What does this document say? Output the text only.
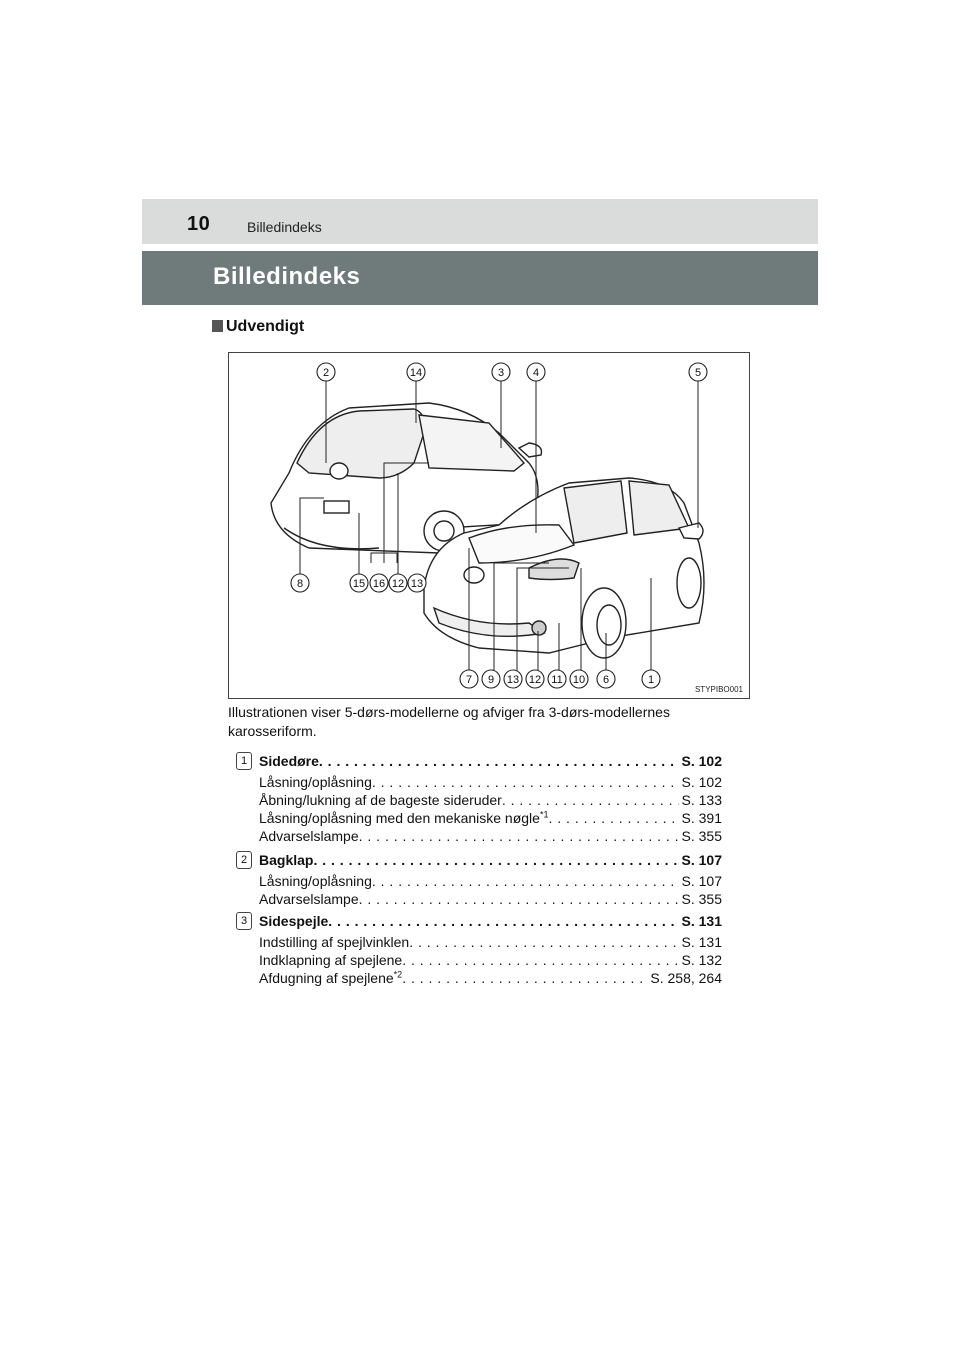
10	Billedindeks
Billedindeks
Udvendigt
2	14	3	4	5
8	15 16 12 13
7 9 13 12 11 10 6	1
STYPIBO001
Illustrationen viser 5-dørs-modellerne og afviger fra 3-dørs-modellernes karosseriform.
1 Sidedøre . . .	S. 102
Låsning/oplåsning . . .	S. 102
Åbning/lukning af de bageste sideruder . . .	S. 133
Låsning/oplåsning med den mekaniske nøgle$^{*1}$ . . .	S. 391
Advarselslampe . . .	S. 355
2 Bagklap . . .	S. 107
Låsning/oplåsning . . .	S. 107
Advarselslampe . . .	S. 355
3 Sidespejle . . .	S. 131
Indstilling af spejlvinklen . . .	S. 131
Indklapning af spejlene . . .	S. 132
Afdugning af spejlene$^{*2}$ . . .	S. 258, 264
